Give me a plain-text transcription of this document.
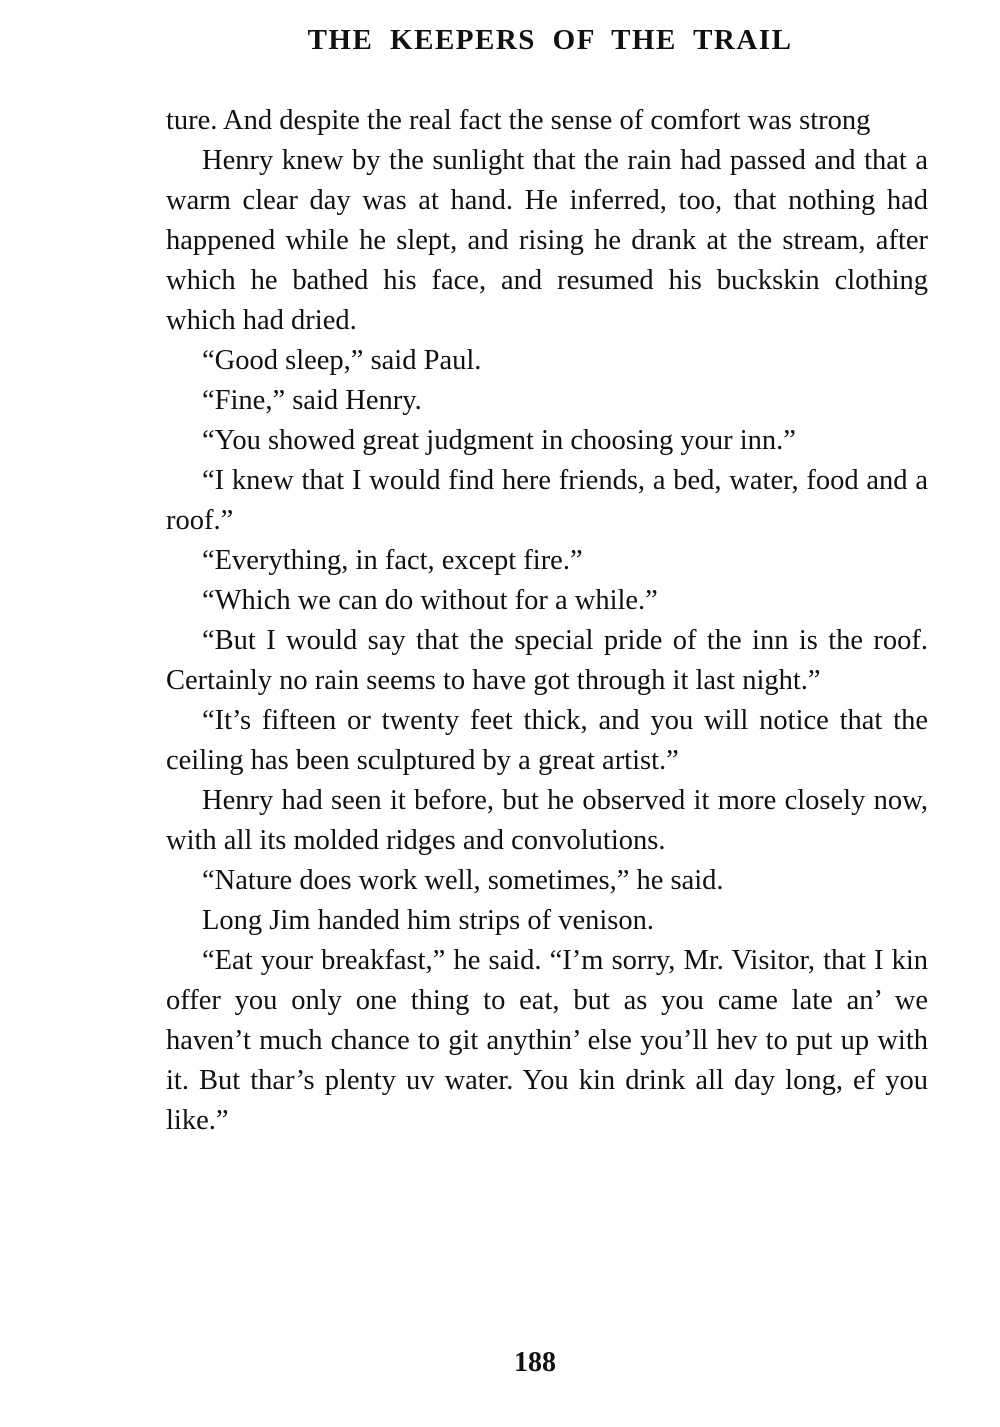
THE KEEPERS OF THE TRAIL

ture. And despite the real fact the sense of comfort was strong

Henry knew by the sunlight that the rain had passed and that a warm clear day was at hand. He inferred, too, that nothing had happened while he slept, and rising he drank at the stream, after which he bathed his face, and resumed his buckskin clothing which had dried.

“Good sleep,” said Paul.

“Fine,” said Henry.

“You showed great judgment in choosing your inn.”

“I knew that I would find here friends, a bed, water, food and a roof.”

“Everything, in fact, except fire.”

“Which we can do without for a while.”

“But I would say that the special pride of the inn is the roof. Certainly no rain seems to have got through it last night.”

“It’s fifteen or twenty feet thick, and you will notice that the ceiling has been sculptured by a great artist.”

Henry had seen it before, but he observed it more closely now, with all its molded ridges and convolutions.

“Nature does work well, sometimes,” he said.

Long Jim handed him strips of venison.

“Eat your breakfast,” he said. “I’m sorry, Mr. Visitor, that I kin offer you only one thing to eat, but as you came late an’ we haven’t much chance to git anythin’ else you’ll hev to put up with it. But thar’s plenty uv water. You kin drink all day long, ef you like.”

188
